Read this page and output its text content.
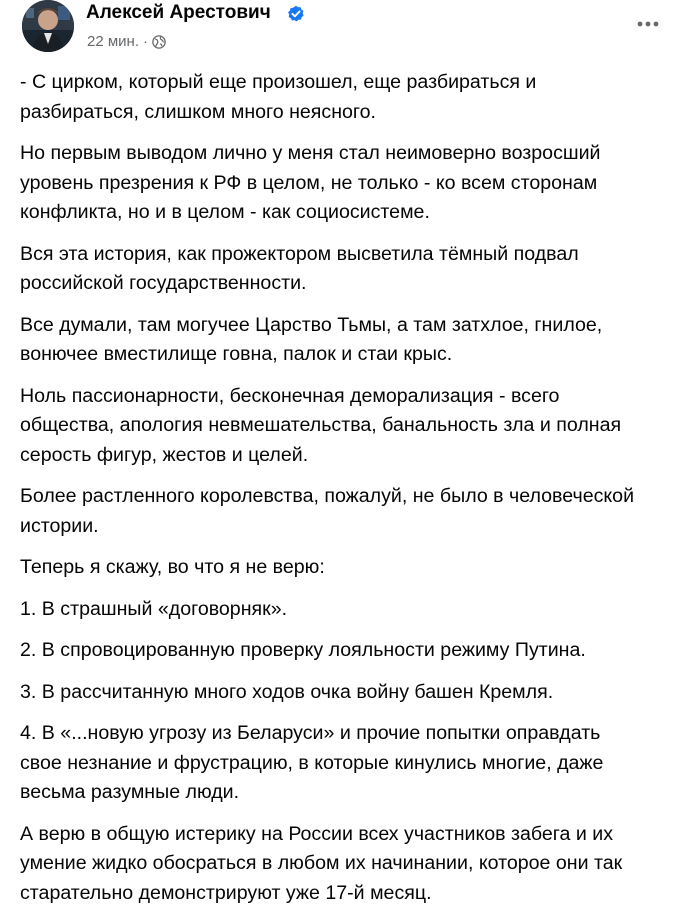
Алексей Арестович
22 мин. ·

- С цирком, который еще произошел, еще разбираться и
разбираться, слишком много неясного.

Но первым выводом лично у меня стал неимоверно возросший
уровень презрения к РФ в целом, не только - ко всем сторонам
конфликта, но и в целом - как социосистеме.

Вся эта история, как прожектором высветила тёмный подвал
российской государственности.

Все думали, там могучее Царство Тьмы, а там затхлое, гнилое,
вонючее вместилище говна, палок и стаи крыс.

Ноль пассионарности, бесконечная деморализация - всего
общества, апология невмешательства, банальность зла и полная
серость фигур, жестов и целей.

Более растленного королевства, пожалуй, не было в человеческой
истории.

Теперь я скажу, во что я не верю:

1. В страшный «договорняк».

2. В спровоцированную проверку лояльности режиму Путина.

3. В рассчитанную много ходов очка войну башен Кремля.

4. В «...новую угрозу из Беларуси» и прочие попытки оправдать
свое незнание и фрустрацию, в которые кинулись многие, даже
весьма разумные люди.

А верю в общую истерику на России всех участников забега и их
умение жидко обосраться в любом их начинании, которое они так
старательно демонстрируют уже 17-й месяц.
